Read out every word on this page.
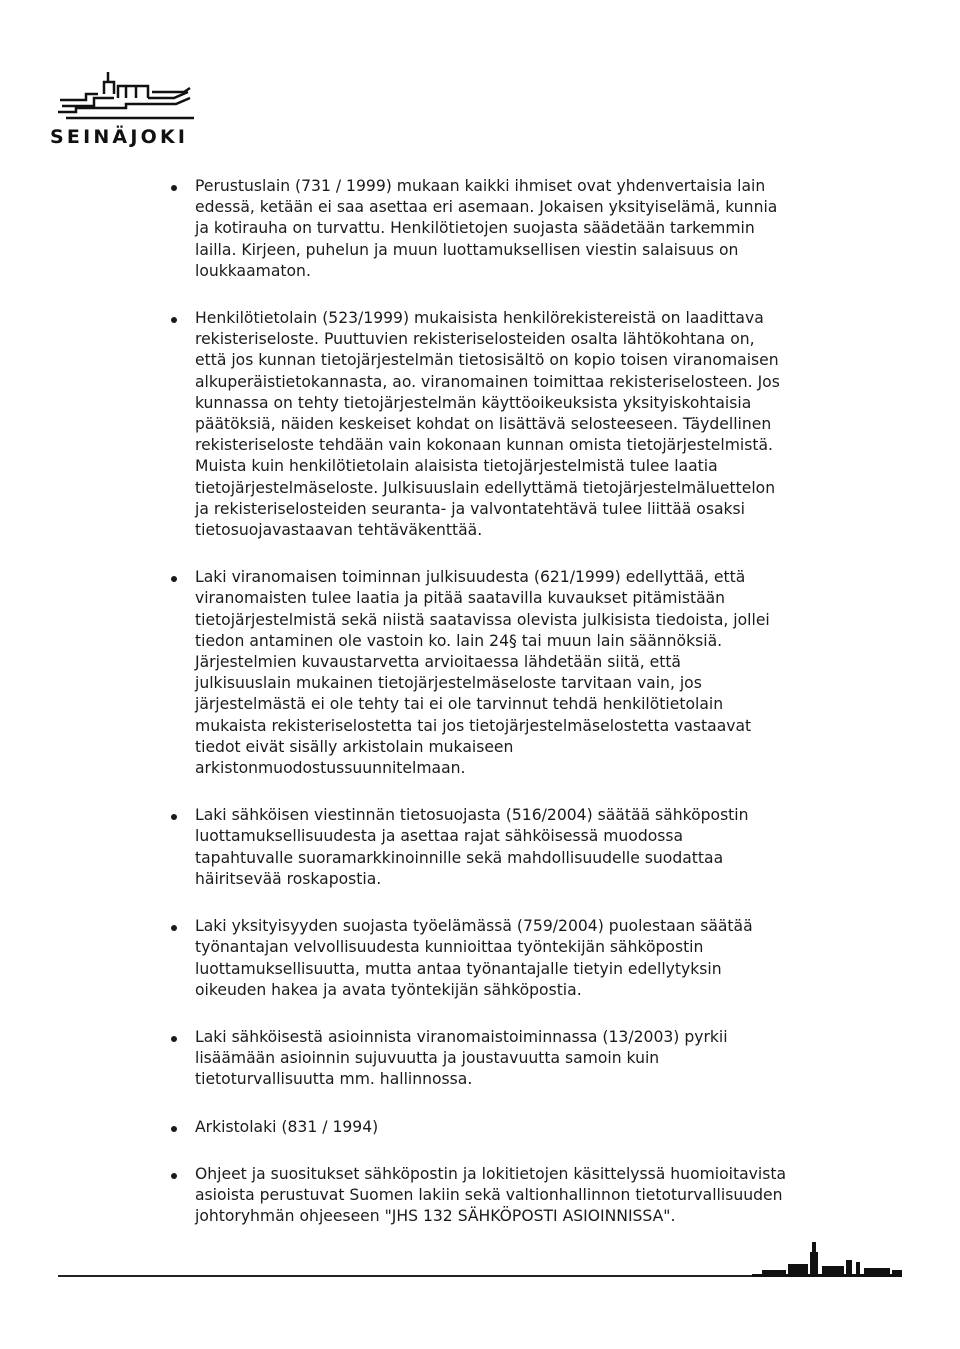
SEINÄJOKI
Perustuslain (731 / 1999) mukaan kaikki ihmiset ovat yhdenvertaisia lain
edessä, ketään ei saa asettaa eri asemaan. Jokaisen yksityiselämä, kunnia
ja kotirauha on turvattu. Henkilötietojen suojasta säädetään tarkemmin
lailla. Kirjeen, puhelun ja muun luottamuksellisen viestin salaisuus on
loukkaamaton.
Henkilötietolain (523/1999) mukaisista henkilörekistereistä on laadittava
rekisteriseloste. Puuttuvien rekisteriselosteiden osalta lähtökohtana on,
että jos kunnan tietojärjestelmän tietosisältö on kopio toisen viranomaisen
alkuperäistietokannasta, ao. viranomainen toimittaa rekisteriselosteen. Jos
kunnassa on tehty tietojärjestelmän käyttöoikeuksista yksityiskohtaisia
päätöksiä, näiden keskeiset kohdat on lisättävä selosteeseen. Täydellinen
rekisteriseloste tehdään vain kokonaan kunnan omista tietojärjestelmistä.
Muista kuin henkilötietolain alaisista tietojärjestelmistä tulee laatia
tietojärjestelmäseloste. Julkisuuslain edellyttämä tietojärjestelmäluettelon
ja rekisteriselosteiden seuranta- ja valvontatehtävä tulee liittää osaksi
tietosuojavastaavan tehtäväkenttää.
Laki viranomaisen toiminnan julkisuudesta (621/1999) edellyttää, että
viranomaisten tulee laatia ja pitää saatavilla kuvaukset pitämistään
tietojärjestelmistä sekä niistä saatavissa olevista julkisista tiedoista, jollei
tiedon antaminen ole vastoin ko. lain 24§ tai muun lain säännöksiä.
Järjestelmien kuvaustarvetta arvioitaessa lähdetään siitä, että
julkisuuslain mukainen tietojärjestelmäseloste tarvitaan vain, jos
järjestelmästä ei ole tehty tai ei ole tarvinnut tehdä henkilötietolain
mukaista rekisteriselostetta tai jos tietojärjestelmäselostetta vastaavat
tiedot eivät sisälly arkistolain mukaiseen
arkistonmuodostussuunnitelmaan.
Laki sähköisen viestinnän tietosuojasta (516/2004) säätää sähköpostin
luottamuksellisuudesta ja asettaa rajat sähköisessä muodossa
tapahtuvalle suoramarkkinoinnille sekä mahdollisuudelle suodattaa
häiritsevää roskapostia.
Laki yksityisyyden suojasta työelämässä (759/2004) puolestaan säätää
työnantajan velvollisuudesta kunnioittaa työntekijän sähköpostin
luottamuksellisuutta, mutta antaa työnantajalle tietyin edellytyksin
oikeuden hakea ja avata työntekijän sähköpostia.
Laki sähköisestä asioinnista viranomaistoiminnassa (13/2003) pyrkii
lisäämään asioinnin sujuvuutta ja joustavuutta samoin kuin
tietoturvallisuutta mm. hallinnossa.
Arkistolaki (831 / 1994)
Ohjeet ja suositukset sähköpostin ja lokitietojen käsittelyssä huomioitavista
asioista perustuvat Suomen lakiin sekä valtionhallinnon tietoturvallisuuden
johtoryhmän ohjeeseen "JHS 132 SÄHKÖPOSTI ASIOINNISSA".
